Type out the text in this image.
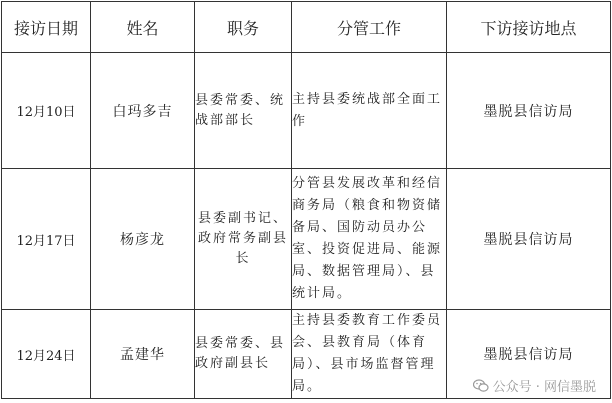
接访日期	姓名	职务	分管工作	下访接访地点
12月10日	白玛多吉	县委常委、统战部部长	主持县委统战部全面工作	墨脱县信访局
12月17日	杨彦龙	县委副书记、政府常务副县长	分管县发展改革和经信商务局（粮食和物资储备局、国防动员办公室、投资促进局、能源局、数据管理局）、县统计局。	墨脱县信访局
12月24日	孟建华	县委常委、县政府副县长	主持县委教育工作委员会、县教育局（体育局）、县市场监督管理局。	墨脱县信访局
公众号 · 网信墨脱
